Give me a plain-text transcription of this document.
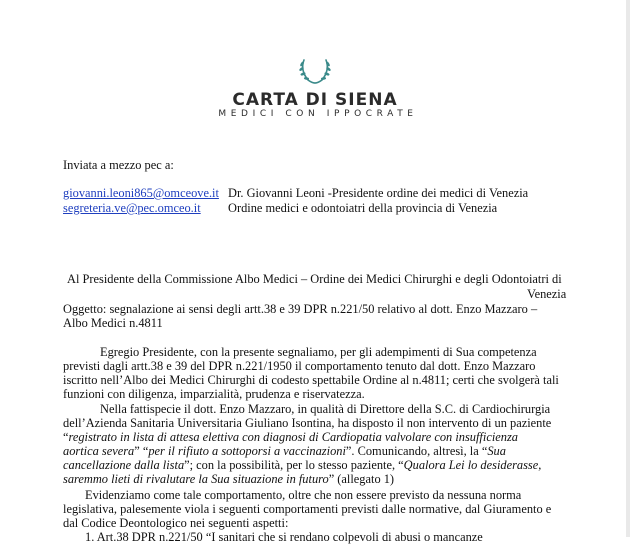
CARTA DI SIENA
MEDICI CON IPPOCRATE
Inviata a mezzo pec a:
giovanni.leoni865@omceove.it Dr. Giovanni Leoni -Presidente ordine dei medici di Venezia
segreteria.ve@pec.omceo.it Ordine medici e odontoiatri della provincia di Venezia
Al Presidente della Commissione Albo Medici – Ordine dei Medici Chirurghi e degli Odontoiatri di
Venezia
Oggetto: segnalazione ai sensi degli artt.38 e 39 DPR n.221/50 relativo al dott. Enzo Mazzaro –
Albo Medici n.4811

Egregio Presidente, con la presente segnaliamo, per gli adempimenti di Sua competenza

previsti dagli artt.38 e 39 del DPR n.221/1950 il comportamento tenuto dal dott. Enzo Mazzaro

iscritto nell’Albo dei Medici Chirurghi di codesto spettabile Ordine al n.4811; certi che svolgerà tali

funzioni con diligenza, imparzialità, prudenza e riservatezza.

Nella fattispecie il dott. Enzo Mazzaro, in qualità di Direttore della S.C. di Cardiochirurgia

dell’Azienda Sanitaria Universitaria Giuliano Isontina, ha disposto il non intervento di un paziente

“registrato in lista di attesa elettiva con diagnosi di Cardiopatia valvolare con insufficienza

aortica severa” “per il rifiuto a sottoporsi a vaccinazioni”. Comunicando, altresì, la “Sua

cancellazione dalla lista”; con la possibilità, per lo stesso paziente, “Qualora Lei lo desiderasse,

saremmo lieti di rivalutare la Sua situazione in futuro” (allegato 1)

Evidenziamo come tale comportamento, oltre che non essere previsto da nessuna norma

legislativa, palesemente viola i seguenti comportamenti previsti dalle normative, dal Giuramento e

dal Codice Deontologico nei seguenti aspetti:

1. Art.38 DPR n.221/50 “I sanitari che si rendano colpevoli di abusi o mancanze
